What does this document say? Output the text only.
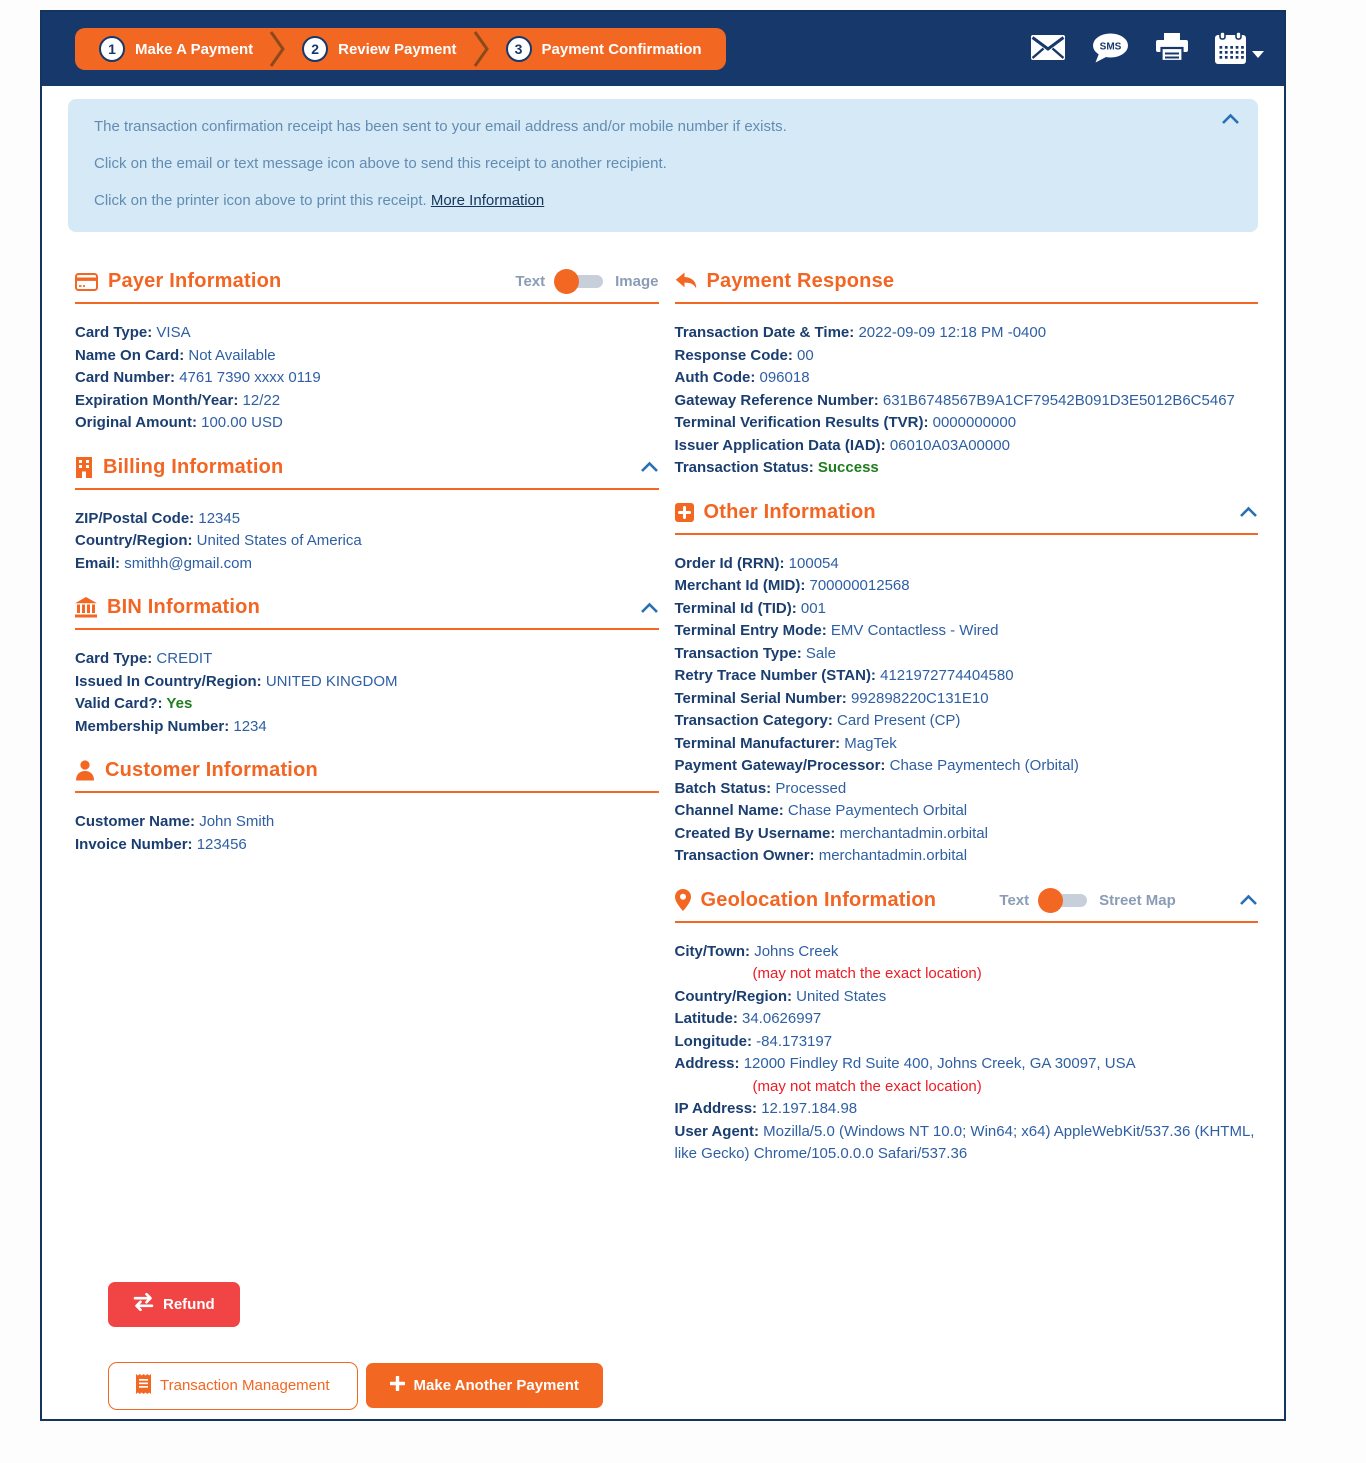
1	Make A Payment	2	Review Payment	3	Payment Confirmation	SMS

The transaction confirmation receipt has been sent to your email address and/or mobile number if exists.

Click on the email or text message icon above to send this receipt to another recipient.

Click on the printer icon above to print this receipt. More Information

Payer Information	Text	Image
Card Type: VISA
Name On Card: Not Available
Card Number: 4761 7390 xxxx 0119
Expiration Month/Year: 12/22
Original Amount: 100.00 USD
Billing Information
ZIP/Postal Code: 12345
Country/Region: United States of America
Email: smithh@gmail.com
BIN Information
Card Type: CREDIT
Issued In Country/Region: UNITED KINGDOM
Valid Card?: Yes
Membership Number: 1234
Customer Information
Customer Name: John Smith
Invoice Number: 123456
Payment Response
Transaction Date & Time: 2022-09-09 12:18 PM -0400
Response Code: 00
Auth Code: 096018
Gateway Reference Number: 631B6748567B9A1CF79542B091D3E5012B6C5467
Terminal Verification Results (TVR): 0000000000
Issuer Application Data (IAD): 06010A03A00000
Transaction Status: Success
Other Information
Order Id (RRN): 100054
Merchant Id (MID): 700000012568
Terminal Id (TID): 001
Terminal Entry Mode: EMV Contactless - Wired
Transaction Type: Sale
Retry Trace Number (STAN): 4121972774404580
Terminal Serial Number: 992898220C131E10
Transaction Category: Card Present (CP)
Terminal Manufacturer: MagTek
Payment Gateway/Processor: Chase Paymentech (Orbital)
Batch Status: Processed
Channel Name: Chase Paymentech Orbital
Created By Username: merchantadmin.orbital
Transaction Owner: merchantadmin.orbital
Geolocation Information	Text	Street Map
City/Town: Johns Creek
(may not match the exact location)
Country/Region: United States
Latitude: 34.0626997
Longitude: -84.173197
Address: 12000 Findley Rd Suite 400, Johns Creek, GA 30097, USA
(may not match the exact location)
IP Address: 12.197.184.98
User Agent: Mozilla/5.0 (Windows NT 10.0; Win64; x64) AppleWebKit/537.36 (KHTML, like Gecko) Chrome/105.0.0.0 Safari/537.36
Refund
Transaction Management	Make Another Payment
